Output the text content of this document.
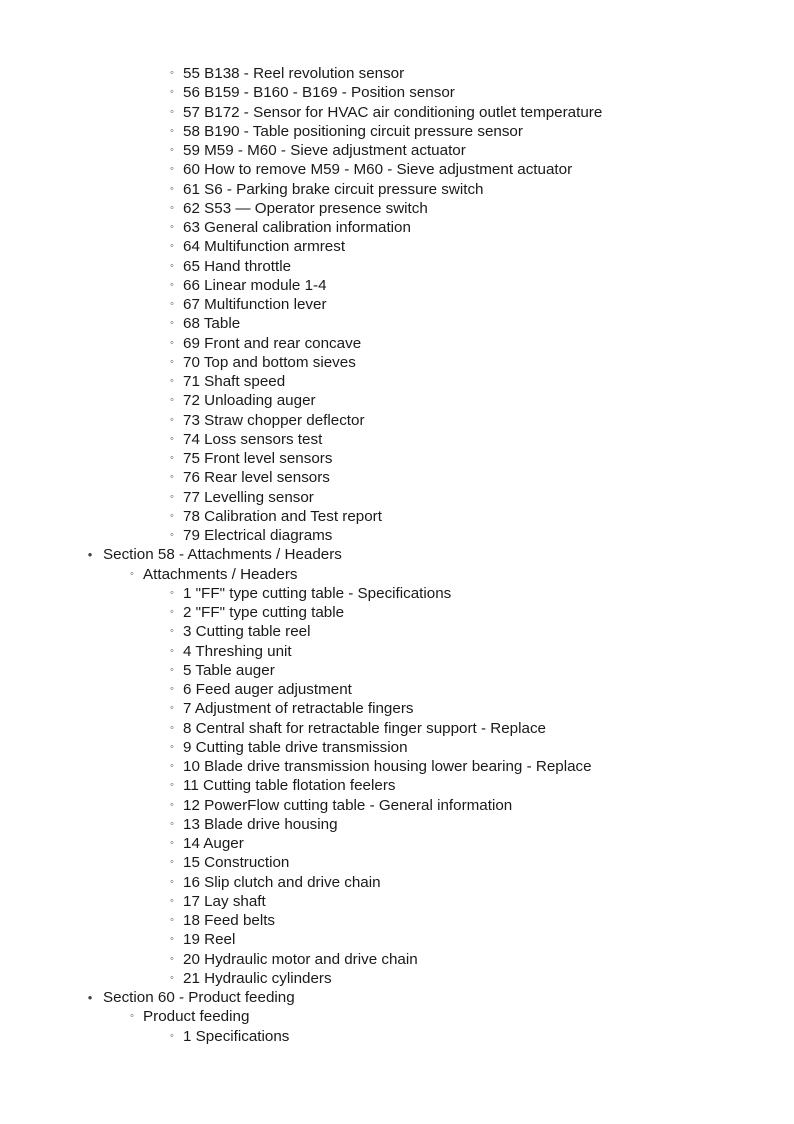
◦ 55 B138 - Reel revolution sensor
◦ 56 B159 - B160 - B169 - Position sensor
◦ 57 B172 - Sensor for HVAC air conditioning outlet temperature
◦ 58 B190 - Table positioning circuit pressure sensor
◦ 59 M59 - M60 - Sieve adjustment actuator
◦ 60 How to remove M59 - M60 - Sieve adjustment actuator
◦ 61 S6 - Parking brake circuit pressure switch
◦ 62 S53 — Operator presence switch
◦ 63 General calibration information
◦ 64 Multifunction armrest
◦ 65 Hand throttle
◦ 66 Linear module 1-4
◦ 67 Multifunction lever
◦ 68 Table
◦ 69 Front and rear concave
◦ 70 Top and bottom sieves
◦ 71 Shaft speed
◦ 72 Unloading auger
◦ 73 Straw chopper deflector
◦ 74 Loss sensors test
◦ 75 Front level sensors
◦ 76 Rear level sensors
◦ 77 Levelling sensor
◦ 78 Calibration and Test report
◦ 79 Electrical diagrams
• Section 58 - Attachments / Headers
◦ Attachments / Headers
◦ 1 "FF" type cutting table - Specifications
◦ 2 "FF" type cutting table
◦ 3 Cutting table reel
◦ 4 Threshing unit
◦ 5 Table auger
◦ 6 Feed auger adjustment
◦ 7 Adjustment of retractable fingers
◦ 8 Central shaft for retractable finger support - Replace
◦ 9 Cutting table drive transmission
◦ 10 Blade drive transmission housing lower bearing - Replace
◦ 11 Cutting table flotation feelers
◦ 12 PowerFlow cutting table - General information
◦ 13 Blade drive housing
◦ 14 Auger
◦ 15 Construction
◦ 16 Slip clutch and drive chain
◦ 17 Lay shaft
◦ 18 Feed belts
◦ 19 Reel
◦ 20 Hydraulic motor and drive chain
◦ 21 Hydraulic cylinders
• Section 60 - Product feeding
◦ Product feeding
◦ 1 Specifications
